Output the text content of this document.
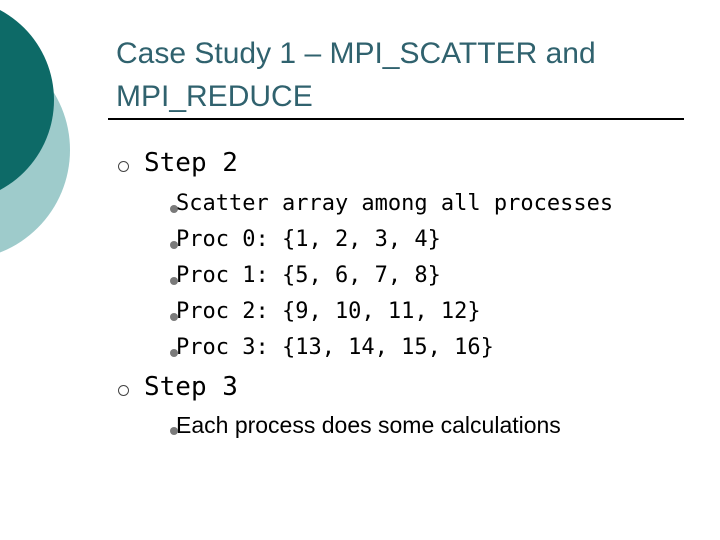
Case Study 1 – MPI_SCATTER and MPI_REDUCE
Step 2
Scatter array among all processes
Proc 0: {1, 2, 3, 4}
Proc 1: {5, 6, 7, 8}
Proc 2: {9, 10, 11, 12}
Proc 3: {13, 14, 15, 16}
Step 3
Each process does some calculations
